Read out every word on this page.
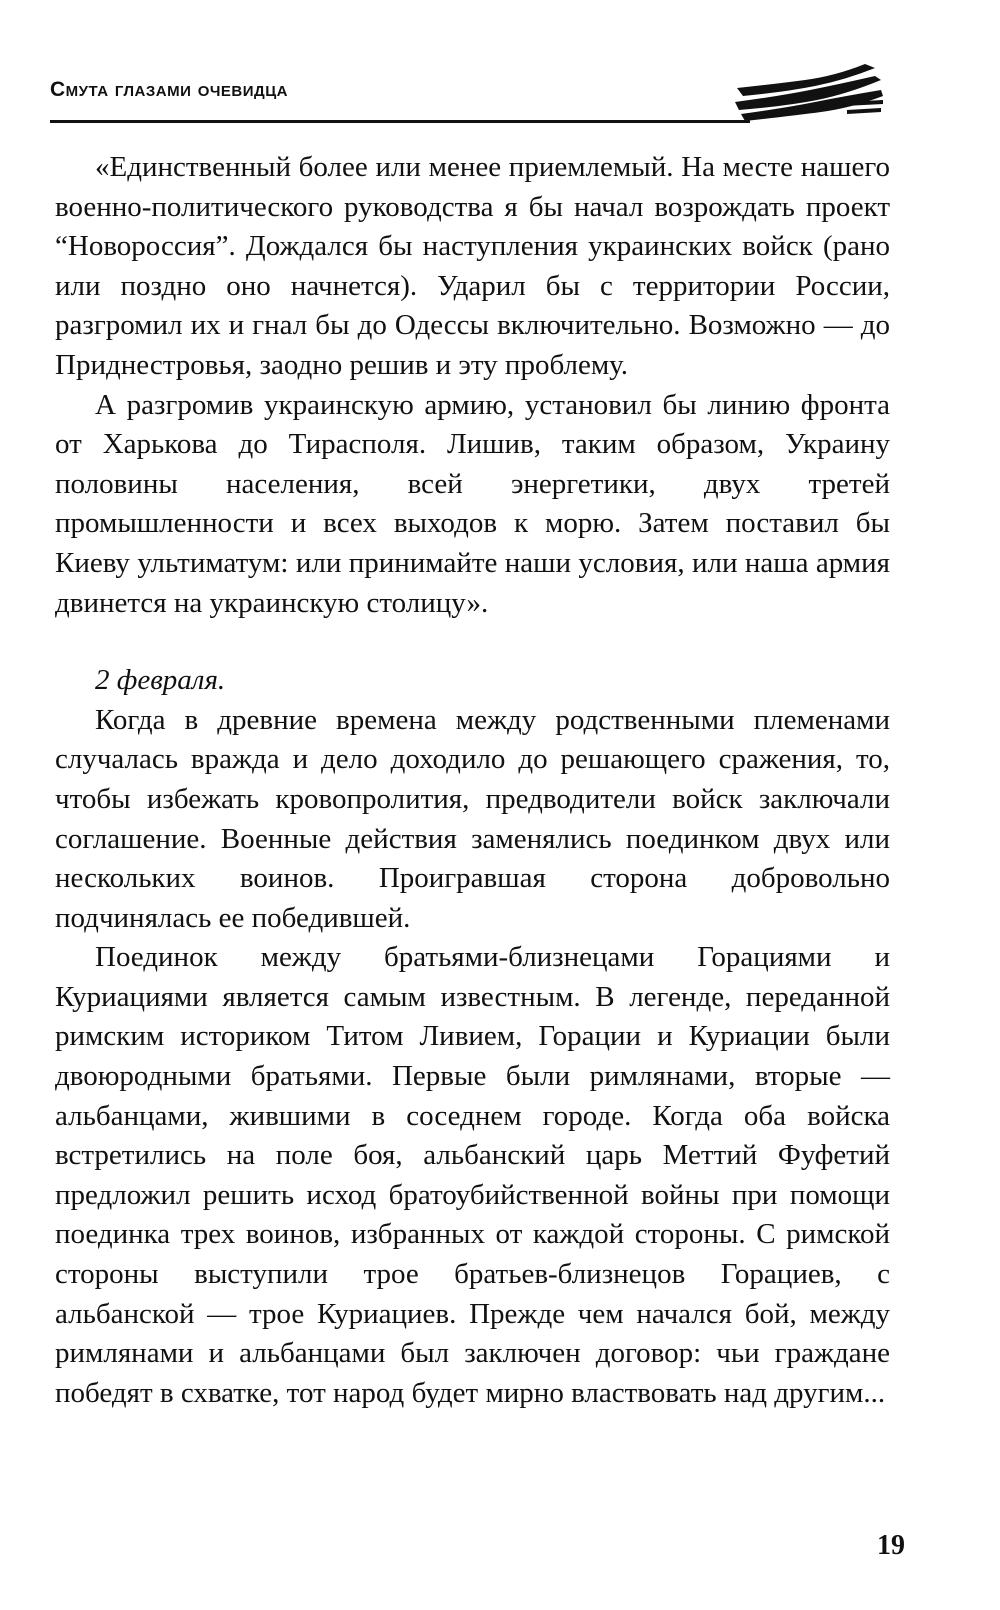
Смута глазами очевидца

«Единственный более или менее приемлемый. На месте нашего военно-политического руководства я бы начал возрождать проект “Новороссия”. Дождался бы наступления украинских войск (рано или поздно оно начнется). Ударил бы с территории России, разгромил их и гнал бы до Одессы включительно. Возможно — до Приднестровья, заодно решив и эту проблему.

А разгромив украинскую армию, установил бы линию фронта от Харькова до Тирасполя. Лишив, таким образом, Украину половины населения, всей энергетики, двух третей промышленности и всех выходов к морю. Затем поставил бы Киеву ультиматум: или принимайте наши условия, или наша армия двинется на украинскую столицу».

2 февраля.

Когда в древние времена между родственными племенами случалась вражда и дело доходило до решающего сражения, то, чтобы избежать кровопролития, предводители войск заключали соглашение. Военные действия заменялись поединком двух или нескольких воинов. Проигравшая сторона добровольно подчинялась ее победившей.

Поединок между братьями-близнецами Горациями и Куриациями является самым известным. В легенде, переданной римским историком Титом Ливием, Горации и Куриации были двоюродными братьями. Первые были римлянами, вторые — альбанцами, жившими в соседнем городе. Когда оба войска встретились на поле боя, альбанский царь Меттий Фуфетий предложил решить исход братоубийственной войны при помощи поединка трех воинов, избранных от каждой стороны. С римской стороны выступили трое братьев-близнецов Горациев, с альбанской — трое Куриациев. Прежде чем начался бой, между римлянами и альбанцами был заключен договор: чьи граждане победят в схватке, тот народ будет мирно властвовать над другим...

19
